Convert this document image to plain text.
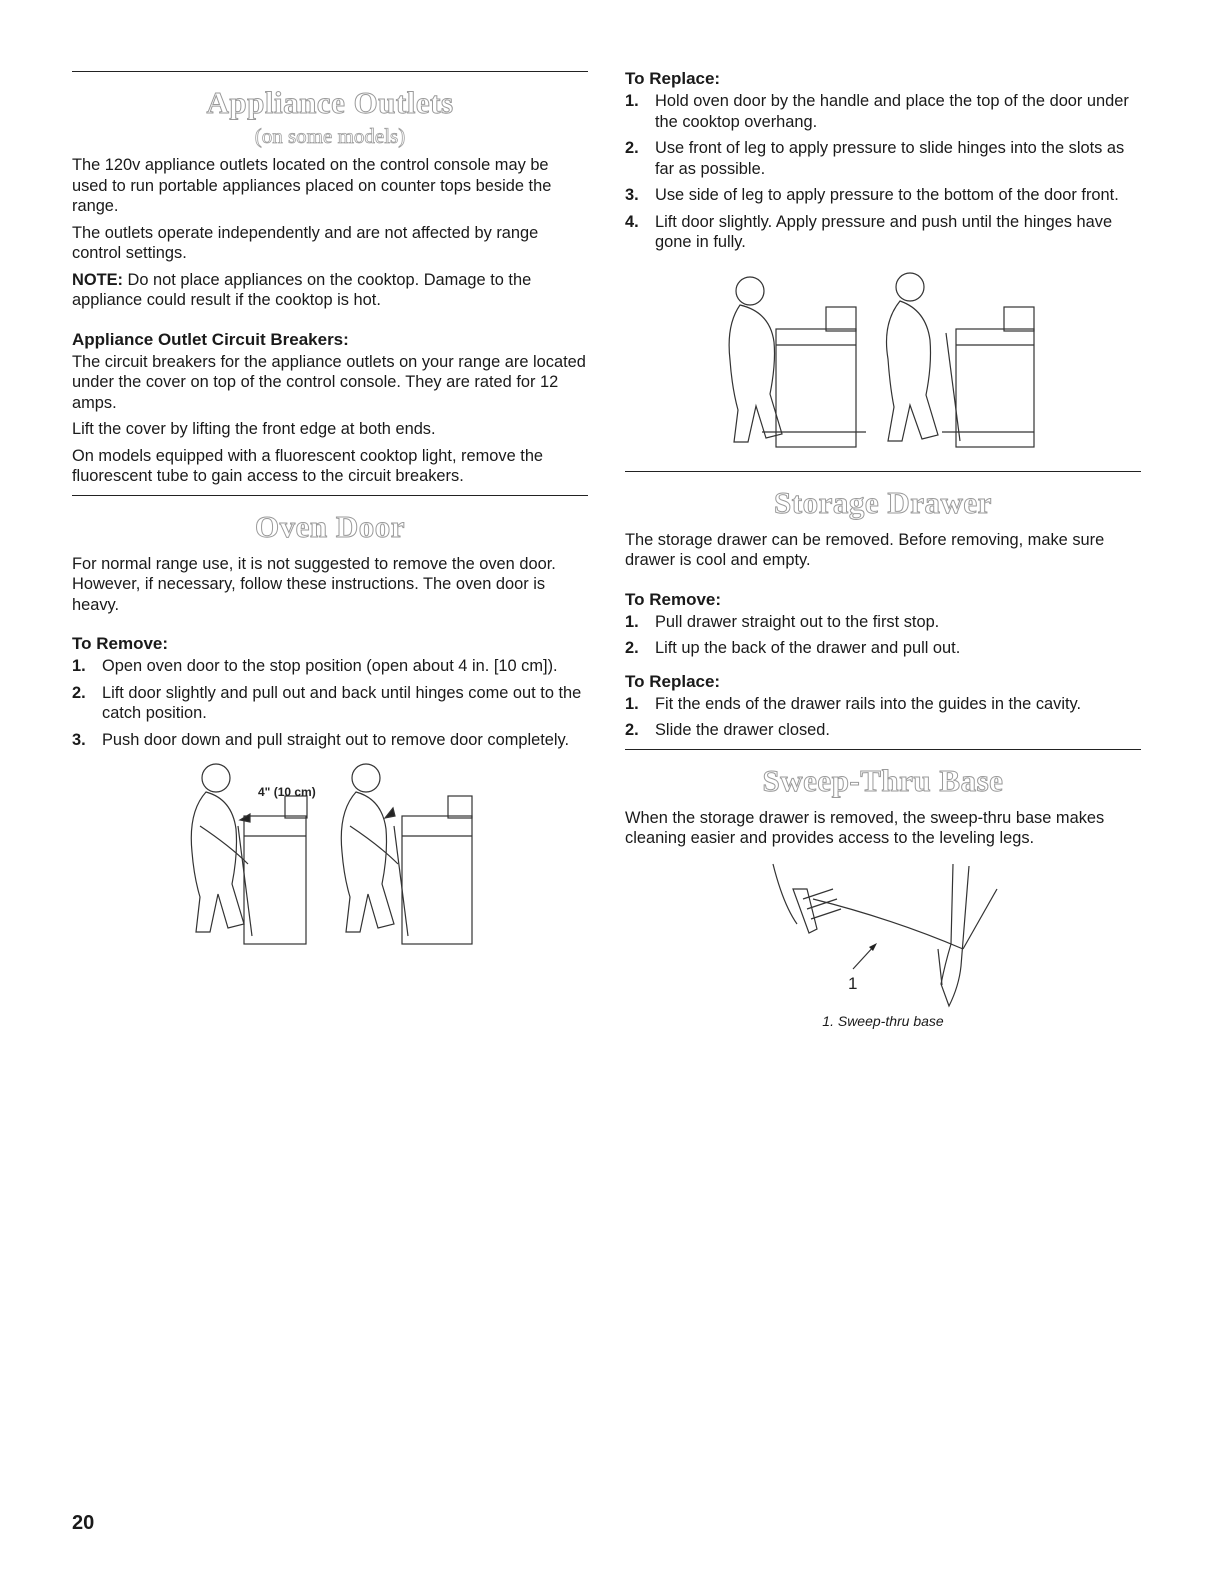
Appliance Outlets
(on some models)

The 120v appliance outlets located on the control console may be used to run portable appliances placed on counter tops beside the range.

The outlets operate independently and are not affected by range control settings.

NOTE: Do not place appliances on the cooktop. Damage to the appliance could result if the cooktop is hot.

Appliance Outlet Circuit Breakers:

The circuit breakers for the appliance outlets on your range are located under the cover on top of the control console. They are rated for 12 amps.

Lift the cover by lifting the front edge at both ends.

On models equipped with a fluorescent cooktop light, remove the fluorescent tube to gain access to the circuit breakers.

Oven Door

For normal range use, it is not suggested to remove the oven door. However, if necessary, follow these instructions. The oven door is heavy.

To Remove:
1. Open oven door to the stop position (open about 4 in. [10 cm]).
2. Lift door slightly and pull out and back until hinges come out to the catch position.
3. Push door down and pull straight out to remove door completely.
4" (10 cm)
To Replace:
1. Hold oven door by the handle and place the top of the door under the cooktop overhang.
2. Use front of leg to apply pressure to slide hinges into the slots as far as possible.
3. Use side of leg to apply pressure to the bottom of the door front.
4. Lift door slightly. Apply pressure and push until the hinges have gone in fully.
Storage Drawer

The storage drawer can be removed. Before removing, make sure drawer is cool and empty.

To Remove:
1. Pull drawer straight out to the first stop.
2. Lift up the back of the drawer and pull out.
To Replace:
1. Fit the ends of the drawer rails into the guides in the cavity.
2. Slide the drawer closed.
Sweep-Thru Base

When the storage drawer is removed, the sweep-thru base makes cleaning easier and provides access to the leveling legs.

1
1. Sweep-thru base
20
